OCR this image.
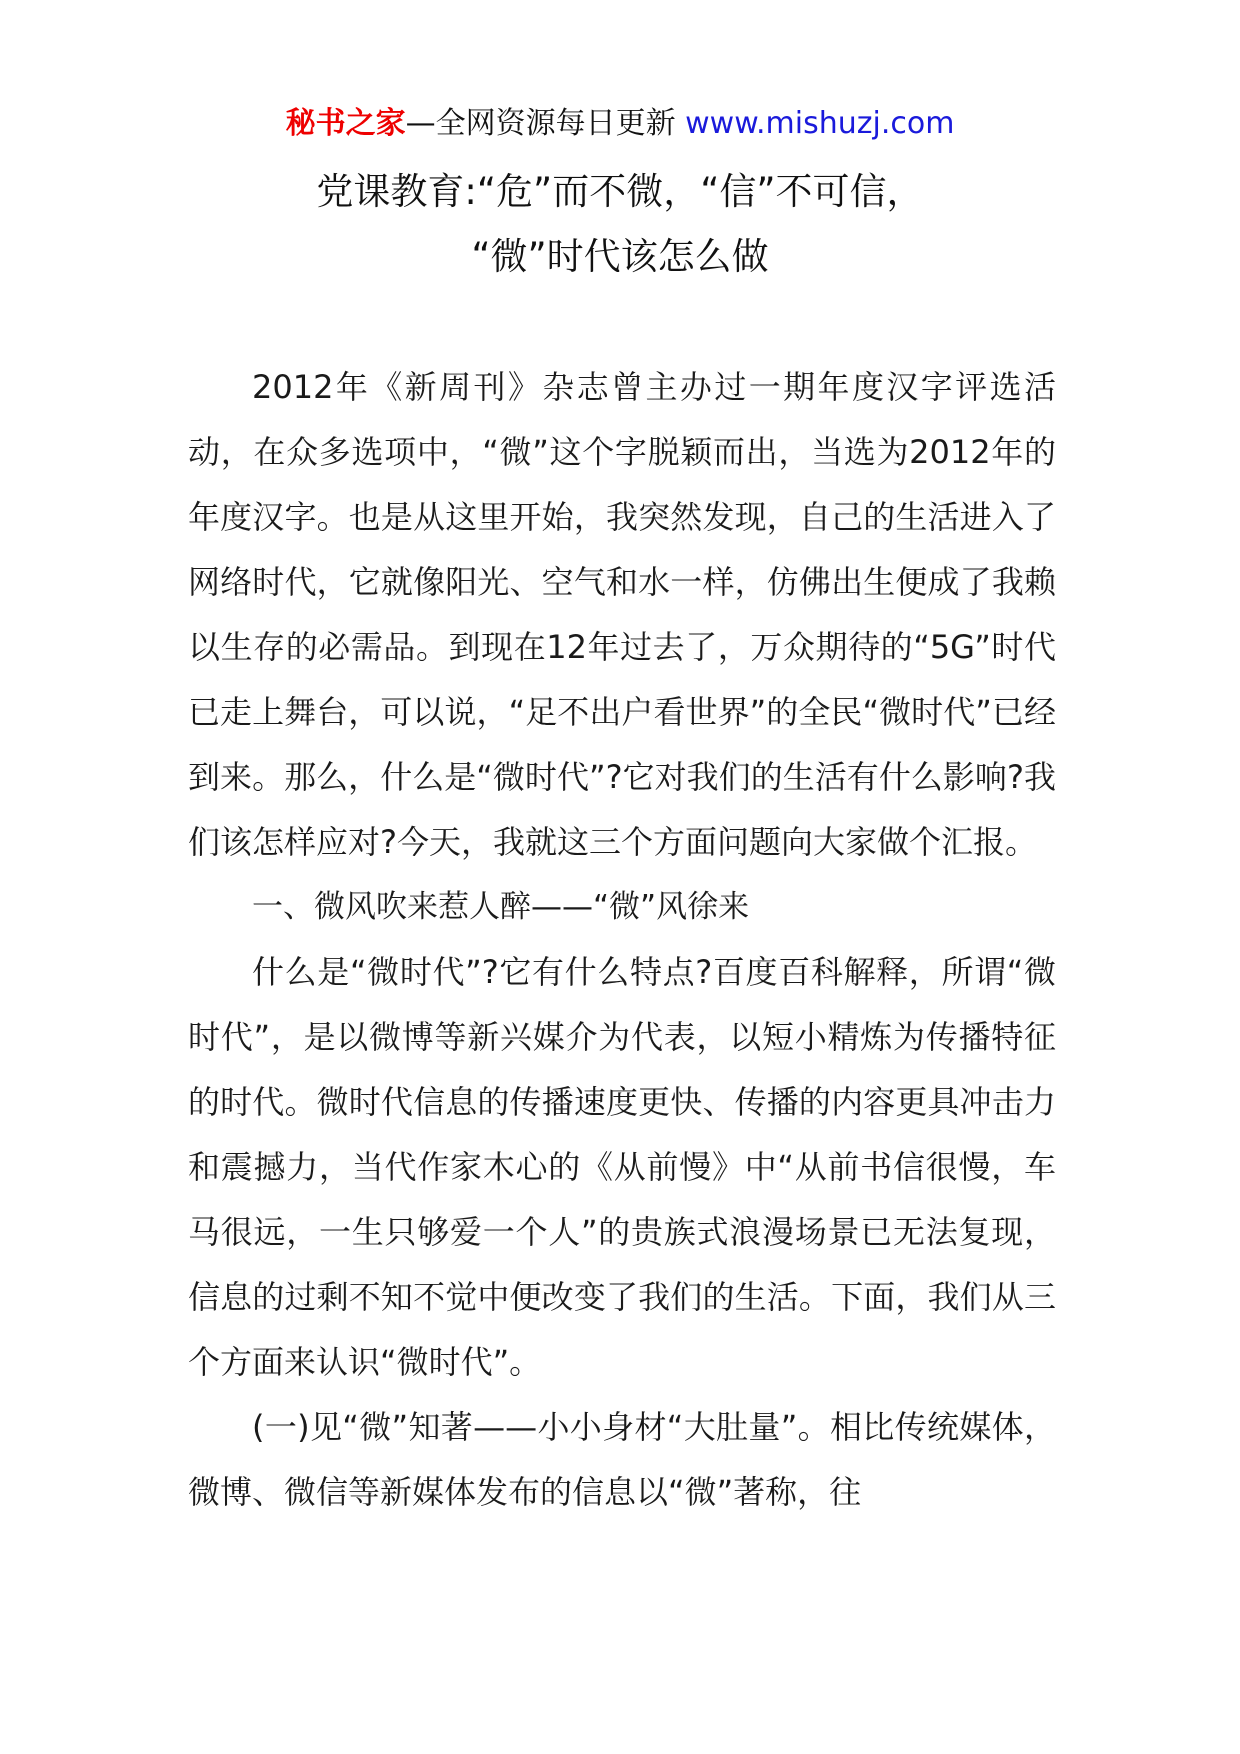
秘书之家—全网资源每日更新 www.mishuzj.com
党课教育:“危”而不微，“信”不可信，
“微”时代该怎么做

2012年《新周刊》杂志曾主办过一期年度汉字评选活动，在众多选项中，“微”这个字脱颖而出，当选为2012年的年度汉字。也是从这里开始，我突然发现，自己的生活进入了网络时代，它就像阳光、空气和水一样，仿佛出生便成了我赖以生存的必需品。到现在12年过去了，万众期待的“5G”时代已走上舞台，可以说，“足不出户看世界”的全民“微时代”已经到来。那么，什么是“微时代”?它对我们的生活有什么影响?我们该怎样应对?今天，我就这三个方面问题向大家做个汇报。

一、微风吹来惹人醉——“微”风徐来

什么是“微时代”?它有什么特点?百度百科解释，所谓“微时代”，是以微博等新兴媒介为代表，以短小精炼为传播特征的时代。微时代信息的传播速度更快、传播的内容更具冲击力和震撼力，当代作家木心的《从前慢》中“从前书信很慢，车马很远，一生只够爱一个人”的贵族式浪漫场景已无法复现，信息的过剩不知不觉中便改变了我们的生活。下面，我们从三个方面来认识“微时代”。

(一)见“微”知著——小小身材“大肚量”。相比传统媒体，微博、微信等新媒体发布的信息以“微”著称，往
